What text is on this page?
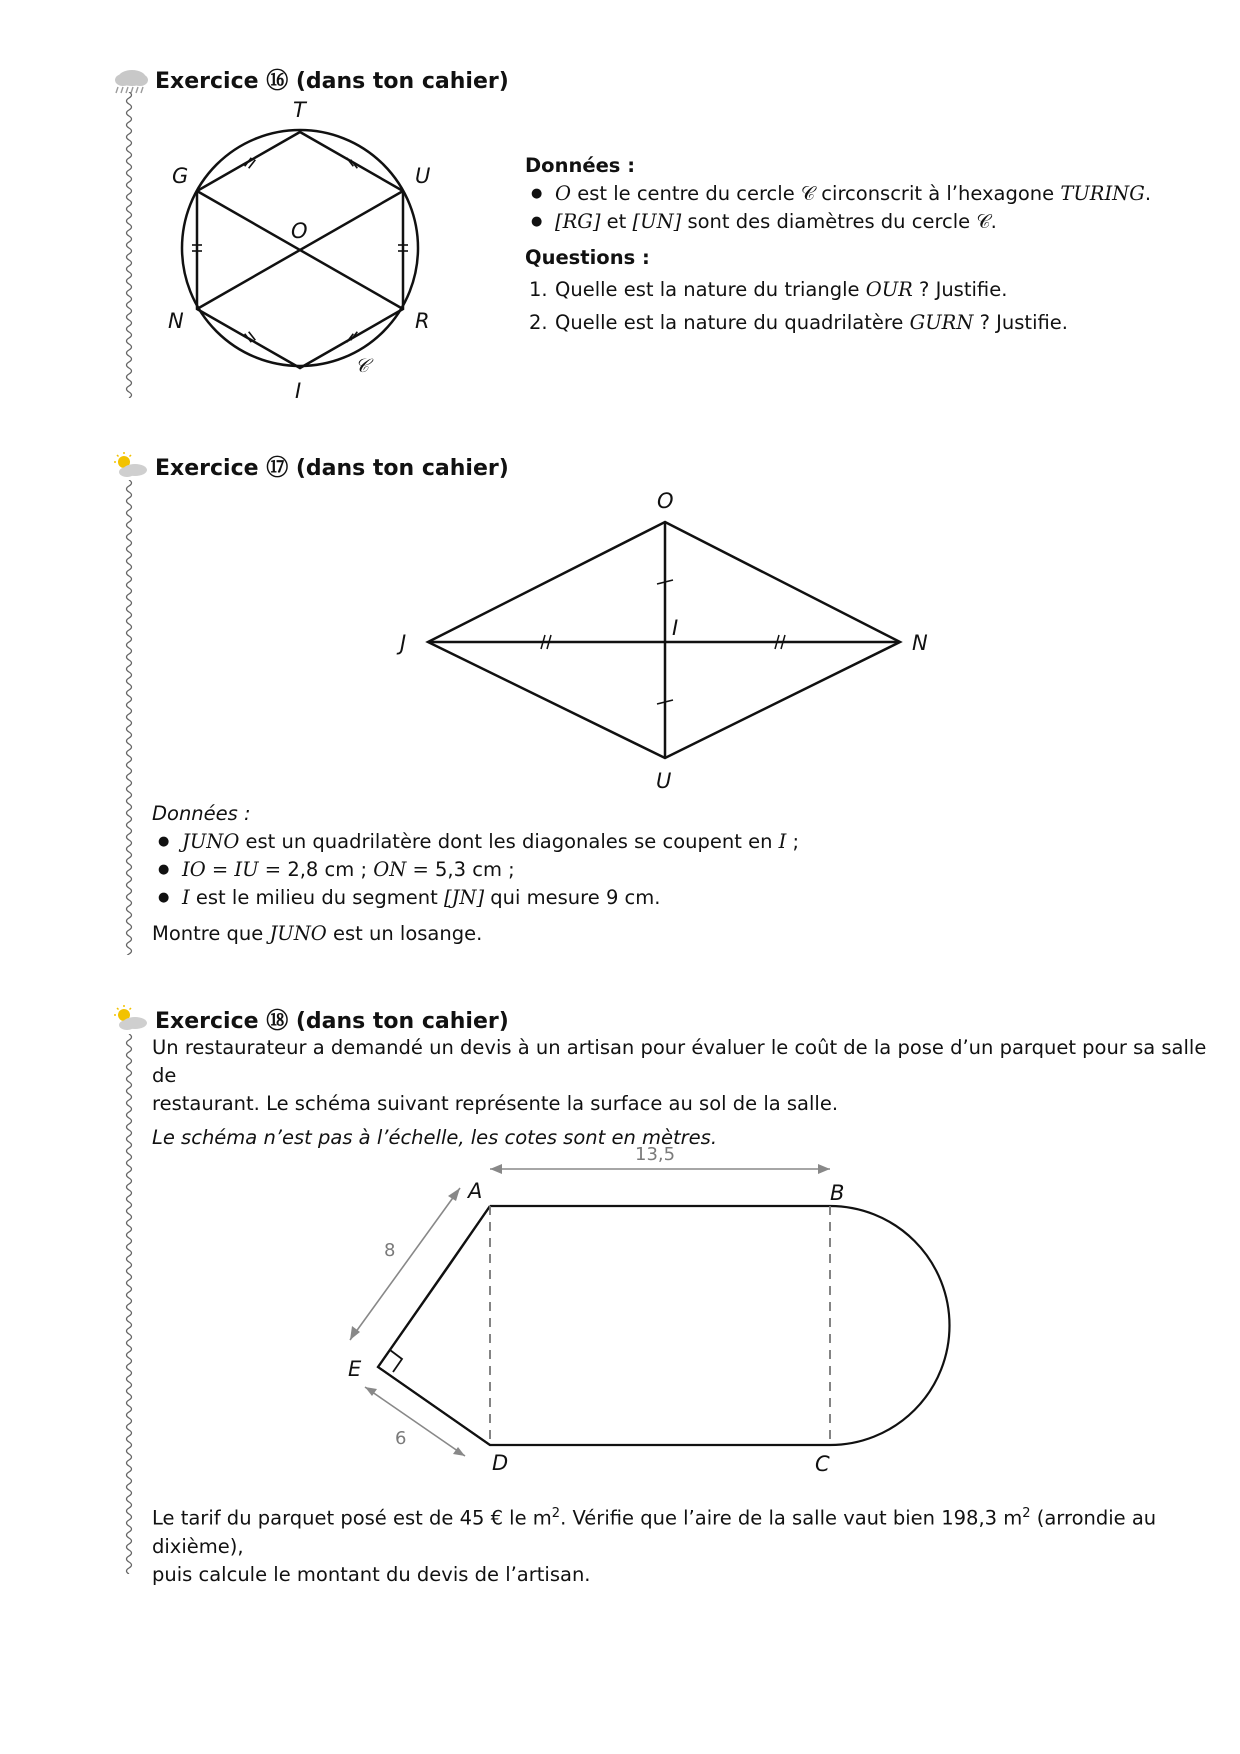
Exercice ⑯ (dans ton cahier)
T
U
G
O
N	R
I
𝒞
Données :
● O est le centre du cercle 𝒞 circonscrit à l’hexagone TURING.
● [RG] et [UN] sont des diamètres du cercle 𝒞.
Questions :
1. Quelle est la nature du triangle OUR ? Justifie.
2. Quelle est la nature du quadrilatère GURN ? Justifie.
Exercice ⑰ (dans ton cahier)
O
J
I
N
U
Données :
● JUNO est un quadrilatère dont les diagonales se coupent en I ;
● IO = IU = 2,8 cm ; ON = 5,3 cm ;
● I est le milieu du segment [JN] qui mesure 9 cm.
Montre que JUNO est un losange.
Exercice ⑱ (dans ton cahier)
Un restaurateur a demandé un devis à un artisan pour évaluer le coût de la pose d’un parquet pour sa salle de
restaurant. Le schéma suivant représente la surface au sol de la salle.
Le schéma n’est pas à l’échelle, les cotes sont en mètres.
13,5
8
6
A	B
C
D
E
Le tarif du parquet posé est de 45 € le $m^2$. Vérifie que l’aire de la salle vaut bien 198,3 $m^2$ (arrondie au dixième),
puis calcule le montant du devis de l’artisan.
